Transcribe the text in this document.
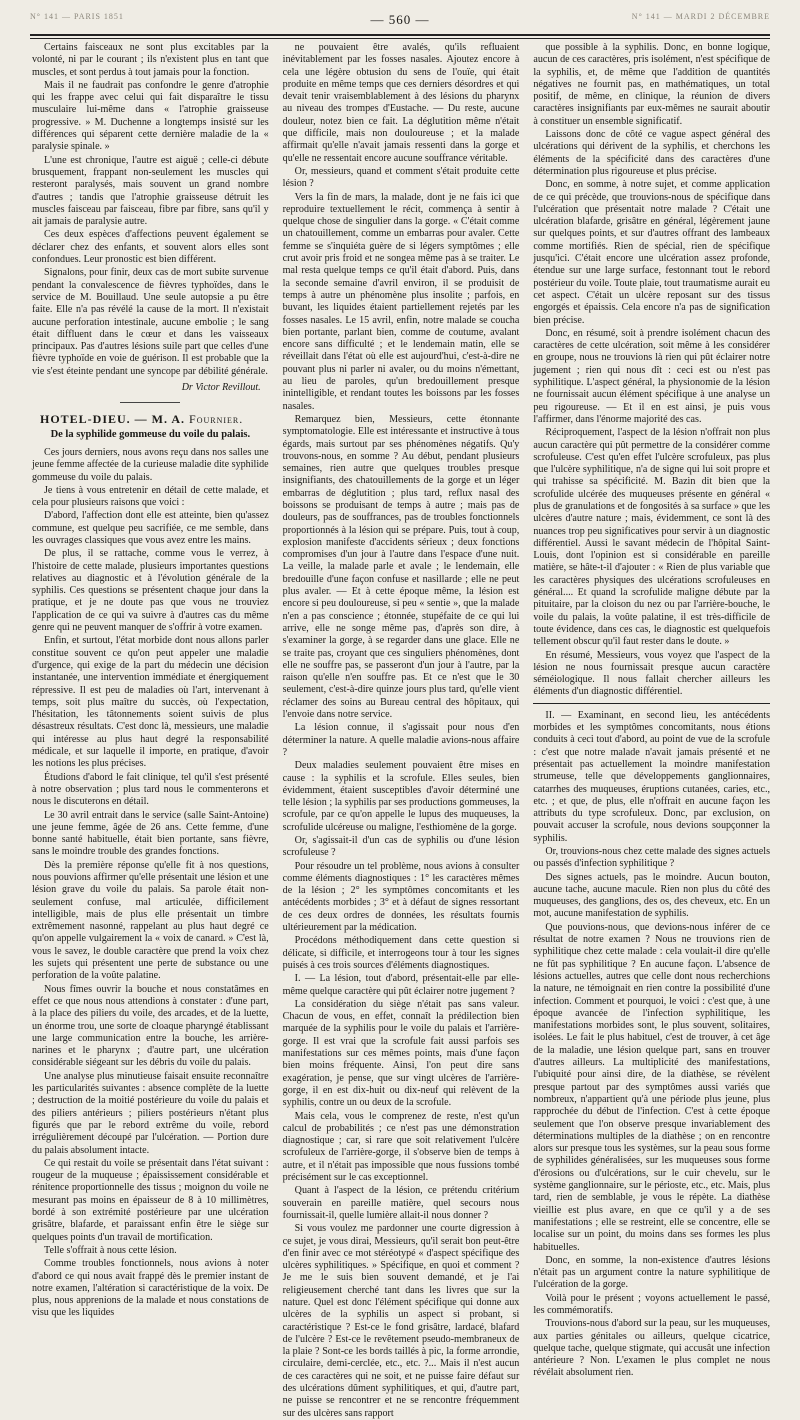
N° 141 — PARIS 1851	— 560 —	N° 141 — MARDI 2 DÉCEMBRE

Certains faisceaux ne sont plus excitables par la volonté, ni par le courant ; ils n'existent plus en tant que muscles, et sont perdus à tout jamais pour la fonction.

Mais il ne faudrait pas confondre le genre d'atrophie qui les frappe avec celui qui fait disparaître le tissu musculaire lui-même dans « l'atrophie graisseuse progressive. » M. Duchenne a longtemps insisté sur les différences qui séparent cette dernière maladie de la « paralysie spinale. »

L'une est chronique, l'autre est aiguë ; celle-ci débute brusquement, frappant non-seulement les muscles qui resteront paralysés, mais souvent un grand nombre d'autres ; tandis que l'atrophie graisseuse détruit les muscles faisceau par faisceau, fibre par fibre, sans qu'il y ait jamais de paralysie autre.

Ces deux espèces d'affections peuvent également se déclarer chez des enfants, et souvent alors elles sont confondues. Leur pronostic est bien différent.

Signalons, pour finir, deux cas de mort subite survenue pendant la convalescence de fièvres typhoïdes, dans le service de M. Bouillaud. Une seule autopsie a pu être faite. Elle n'a pas révélé la cause de la mort. Il n'existait aucune perforation intestinale, aucune embolie ; le sang était diffluent dans le cœur et dans les vaisseaux principaux. Pas d'autres lésions suile part que celles d'une fièvre typhoïde en voie de guérison. Il est probable que la vie s'est éteinte pendant une syncope par débilité générale.

Dr Victor Revillout.
HOTEL-DIEU. — M. A. Fournier.
De la syphilide gommeuse du voile du palais.

Ces jours derniers, nous avons reçu dans nos salles une jeune femme affectée de la curieuse maladie dite syphilide gommeuse du voile du palais.

Je tiens à vous entretenir en détail de cette malade, et cela pour plusieurs raisons que voici :

D'abord, l'affection dont elle est atteinte, bien qu'assez commune, est quelque peu sacrifiée, ce me semble, dans les ouvrages classiques que vous avez entre les mains.

De plus, il se rattache, comme vous le verrez, à l'histoire de cette malade, plusieurs importantes questions relatives au diagnostic et à l'évolution générale de la syphilis. Ces questions se présentent chaque jour dans la pratique, et je ne doute pas que vous ne trouviez l'application de ce qui va suivre à d'autres cas du même genre qui ne peuvent manquer de s'offrir à votre examen.

Enfin, et surtout, l'état morbide dont nous allons parler constitue souvent ce qu'on peut appeler une maladie d'urgence, qui exige de la part du médecin une décision instantanée, une intervention immédiate et énergiquement répressive. Il est peu de maladies où l'art, intervenant à temps, soit plus maître du succès, où l'expectation, l'hésitation, les tâtonnements soient suivis de plus désastreux résultats. C'est donc là, messieurs, une maladie qui intéresse au plus haut degré la responsabilité médicale, et sur laquelle il importe, en pratique, d'avoir les notions les plus précises.

Étudions d'abord le fait clinique, tel qu'il s'est présenté à notre observation ; plus tard nous le commenterons et nous le discuterons en détail.

Le 30 avril entrait dans le service (salle Saint-Antoine) une jeune femme, âgée de 26 ans. Cette femme, d'une bonne santé habituelle, était bien portante, sans fièvre, sans le moindre trouble des grandes fonctions.

Dès la première réponse qu'elle fit à nos questions, nous pouvions affirmer qu'elle présentait une lésion et une lésion grave du voile du palais. Sa parole était non-seulement confuse, mal articulée, difficilement intelligible, mais de plus elle présentait un timbre extrêmement nasonné, rappelant au plus haut degré ce qu'on appelle vulgairement la « voix de canard. » C'est là, vous le savez, le double caractère que prend la voix chez les sujets qui présentent une perte de substance ou une perforation de la voûte palatine.

Nous fîmes ouvrir la bouche et nous constatâmes en effet ce que nous nous attendions à constater : d'une part, à la place des piliers du voile, des arcades, et de la luette, un énorme trou, une sorte de cloaque pharyngé établissant une large communication entre la bouche, les arrière-narines et le pharynx ; d'autre part, une ulcération considérable siégeant sur les débris du voile du palais.

Une analyse plus minutieuse faisait ensuite reconnaître les particularités suivantes : absence complète de la luette ; destruction de la moitié postérieure du voile du palais et des piliers antérieurs ; piliers postérieurs n'étant plus figurés que par le rebord extrême du voile, rebord irrégulièrement découpé par l'ulcération. — Portion dure du palais absolument intacte.

Ce qui restait du voile se présentait dans l'état suivant : rougeur de la muqueuse ; épaississement considérable et rénitence proportionnelle des tissus ; moignon du voile ne mesurant pas moins en épaisseur de 8 à 10 millimètres, bordé à son extrémité postérieure par une ulcération grisâtre, blafarde, et paraissant enfin être le siège sur quelques points d'un travail de mortification.

Telle s'offrait à nous cette lésion.

Comme troubles fonctionnels, nous avions à noter d'abord ce qui nous avait frappé dès le premier instant de notre examen, l'altération si caractéristique de la voix. De plus, nous apprenions de la malade et nous constations de visu que les liquides

ne pouvaient être avalés, qu'ils refluaient inévitablement par les fosses nasales. Ajoutez encore à cela une légère obtusion du sens de l'ouïe, qui était produite en même temps que ces derniers désordres et qui devait tenir vraisemblablement à des lésions du pharynx au niveau des trompes d'Eustache. — Du reste, aucune douleur, notez bien ce fait. La déglutition même n'était que difficile, mais non douloureuse ; et la malade affirmait qu'elle n'avait jamais ressenti dans la gorge et qu'elle ne ressentait encore aucune souffrance véritable.

Or, messieurs, quand et comment s'était produite cette lésion ?

Vers la fin de mars, la malade, dont je ne fais ici que reproduire textuellement le récit, commença à sentir à quelque chose de singulier dans la gorge. « C'était comme un chatouillement, comme un embarras pour avaler. Cette femme se s'inquiéta guère de si légers symptômes ; elle crut avoir pris froid et ne songea même pas à se traiter. Le mal resta quelque temps ce qu'il était d'abord. Puis, dans la seconde semaine d'avril environ, il se produisit de temps à autre un phénomène plus insolite ; parfois, en buvant, les liquides étaient partiellement rejetés par les fosses nasales. Le 15 avril, enfin, notre malade se coucha bien portante, parlant bien, comme de coutume, avalant encore sans difficulté ; et le lendemain matin, elle se réveillait dans l'état où elle est aujourd'hui, c'est-à-dire ne pouvant plus ni parler ni avaler, ou du moins n'émettant, au lieu de paroles, qu'un bredouillement presque inintelligible, et rendant toutes les boissons par les fosses nasales.

Remarquez bien, Messieurs, cette étonnante symptomatologie. Elle est intéressante et instructive à tous égards, mais surtout par ses phénomènes négatifs. Qu'y trouvons-nous, en somme ? Au début, pendant plusieurs semaines, rien autre que quelques troubles presque insignifiants, des chatouillements de la gorge et un léger embarras de déglutition ; plus tard, reflux nasal des boissons se produisant de temps à autre ; mais pas de douleurs, pas de souffrances, pas de troubles fonctionnels proportionnés à la lésion qui se prépare. Puis, tout à coup, explosion manifeste d'accidents sérieux ; deux fonctions compromises d'un jour à l'autre dans l'espace d'une nuit. La veille, la malade parle et avale ; le lendemain, elle bredouille d'une façon confuse et nasillarde ; elle ne peut plus avaler. — Et à cette époque même, la lésion est encore si peu douloureuse, si peu « sentie », que la malade n'en a pas conscience ; étonnée, stupéfaite de ce qui lui arrive, elle ne songe même pas, d'après son dire, à s'examiner la gorge, à se regarder dans une glace. Elle ne se traite pas, croyant que ces singuliers phénomènes, dont elle ne souffre pas, se passeront d'un jour à l'autre, par la raison qu'elle n'en souffre pas. Et ce n'est que le 30 seulement, c'est-à-dire quinze jours plus tard, qu'elle vient réclamer des soins au Bureau central des hôpitaux, qui l'envoie dans notre service.

La lésion connue, il s'agissait pour nous d'en déterminer la nature. A quelle maladie avions-nous affaire ?

Deux maladies seulement pouvaient être mises en cause : la syphilis et la scrofule. Elles seules, bien évidemment, étaient susceptibles d'avoir déterminé une telle lésion ; la syphilis par ses productions gommeuses, la scrofule, par ce qu'on appelle le lupus des muqueuses, la scrofulide ulcéreuse ou maligne, l'esthiomène de la gorge.

Or, s'agissait-il d'un cas de syphilis ou d'une lésion scrofuleuse ?

Pour résoudre un tel problème, nous avions à consulter comme éléments diagnostiques : 1° les caractères mêmes de la lésion ; 2° les symptômes concomitants et les antécédents morbides ; 3° et à défaut de signes ressortant de ces deux ordres de données, les résultats fournis ultérieurement par la médication.

Procédons méthodiquement dans cette question si délicate, si difficile, et interrogeons tour à tour les signes puisés à ces trois sources d'éléments diagnostiques.

I. — La lésion, tout d'abord, présentait-elle par elle-même quelque caractère qui pût éclairer notre jugement ?

La considération du siège n'était pas sans valeur. Chacun de vous, en effet, connaît la prédilection bien marquée de la syphilis pour le voile du palais et l'arrière-gorge. Il est vrai que la scrofule fait aussi parfois ses manifestations sur ces mêmes points, mais d'une façon bien moins fréquente. Ainsi, l'on peut dire sans exagération, je pense, que sur vingt ulcères de l'arrière-gorge, il en est dix-huit ou dix-neuf qui relèvent de la syphilis, contre un ou deux de la scrofule.

Mais cela, vous le comprenez de reste, n'est qu'un calcul de probabilités ; ce n'est pas une démonstration diagnostique ; car, si rare que soit relativement l'ulcère scrofuleux de l'arrière-gorge, il s'observe bien de temps à autre, et il n'était pas impossible que nous fussions tombé précisément sur le cas exceptionnel.

Quant à l'aspect de la lésion, ce prétendu critérium souverain en pareille matière, quel secours nous fournissait-il, quelle lumière allait-il nous donner ?

Si vous voulez me pardonner une courte digression à ce sujet, je vous dirai, Messieurs, qu'il serait bon peut-être d'en finir avec ce mot stéréotypé « d'aspect spécifique des ulcères syphilitiques. » Spécifique, en quoi et comment ? Je me le suis bien souvent demandé, et je l'ai religieusement cherché tant dans les livres que sur la nature. Quel est donc l'élément spécifique qui donne aux ulcères de la syphilis un aspect si probant, si caractéristique ? Est-ce le fond grisâtre, lardacé, blafard de l'ulcère ? Est-ce le revêtement pseudo-membraneux de la plaie ? Sont-ce les bords taillés à pic, la forme arrondie, circulaire, demi-cerclée, etc., etc. ?... Mais il n'est aucun de ces caractères qui ne soit, et ne puisse faire défaut sur des ulcérations dûment syphilitiques, et qui, d'autre part, ne puisse se rencontrer et ne se rencontre fréquemment sur des ulcères sans rapport

que possible à la syphilis. Donc, en bonne logique, aucun de ces caractères, pris isolément, n'est spécifique de la syphilis, et, de même que l'addition de quantités négatives ne fournit pas, en mathématiques, un total positif, de même, en clinique, la réunion de divers caractères insignifiants par eux-mêmes ne saurait aboutir à constituer un ensemble significatif.

Laissons donc de côté ce vague aspect général des ulcérations qui dérivent de la syphilis, et cherchons les éléments de la spécificité dans des caractères d'une détermination plus rigoureuse et plus précise.

Donc, en somme, à notre sujet, et comme application de ce qui précède, que trouvions-nous de spécifique dans l'ulcération que présentait notre malade ? C'était une ulcération blafarde, grisâtre en général, légèrement jaune sur quelques points, et sur d'autres offrant des lambeaux comme mortifiés. Rien de spécial, rien de spécifique jusqu'ici. C'était encore une ulcération assez profonde, étendue sur une large surface, festonnant tout le rebord postérieur du voile. Toute plaie, tout traumatisme aurait eu cet aspect. C'était un ulcère reposant sur des tissus engorgés et épaissis. Cela encore n'a pas de signification bien précise.

Donc, en résumé, soit à prendre isolément chacun des caractères de cette ulcération, soit même à les considérer en groupe, nous ne trouvions là rien qui pût éclairer notre jugement ; rien qui nous dît : ceci est ou n'est pas syphilitique. L'aspect général, la physionomie de la lésion ne fournissait aucun élément spécifique à une analyse un peu rigoureuse. — Et il en est ainsi, je puis vous l'affirmer, dans l'énorme majorité des cas.

Réciproquement, l'aspect de la lésion n'offrait non plus aucun caractère qui pût permettre de la considérer comme scrofuleuse. C'est qu'en effet l'ulcère scrofuleux, pas plus que l'ulcère syphilitique, n'a de signe qui lui soit propre et qui trahisse sa spécificité. M. Bazin dit bien que la scrofulide ulcérée des muqueuses présente en général « plus de granulations et de fongosités à sa surface » que les ulcères d'autre nature ; mais, évidemment, ce sont là des nuances trop peu significatives pour servir à un diagnostic différentiel. Aussi le savant médecin de l'hôpital Saint-Louis, dont l'opinion est si considérable en pareille matière, se hâte-t-il d'ajouter : « Rien de plus variable que les caractères physiques des ulcérations scrofuleuses en général.... Et quand la scrofulide maligne débute par la pituitaire, par la cloison du nez ou par l'arrière-bouche, le voile du palais, la voûte palatine, il est très-difficile de toute évidence, dans ces cas, le diagnostic est quelquefois tellement obscur qu'il faut rester dans le doute. »

En résumé, Messieurs, vous voyez que l'aspect de la lésion ne nous fournissait presque aucun caractère séméiologique. Il nous fallait chercher ailleurs les éléments d'un diagnostic différentiel.

II. — Examinant, en second lieu, les antécédents morbides et les symptômes concomitants, nous étions conduits à ceci tout d'abord, au point de vue de la scrofule : c'est que notre malade n'avait jamais présenté et ne présentait pas actuellement la moindre manifestation strumeuse, telle que développements ganglionnaires, catarrhes des muqueuses, éruptions cutanées, caries, etc., etc. ; et que, de plus, elle n'offrait en aucune façon les attributs du type scrofuleux. Donc, par exclusion, on pouvait accuser la scrofule, nous devions soupçonner la syphilis.

Or, trouvions-nous chez cette malade des signes actuels ou passés d'infection syphilitique ?

Des signes actuels, pas le moindre. Aucun bouton, aucune tache, aucune macule. Rien non plus du côté des muqueuses, des ganglions, des os, des cheveux, etc. En un mot, aucune manifestation de syphilis.

Que pouvions-nous, que devions-nous inférer de ce résultat de notre examen ? Nous ne trouvions rien de syphilitique chez cette malade : cela voulait-il dire qu'elle ne fût pas syphilitique ? En aucune façon. L'absence de lésions actuelles, autres que celle dont nous recherchions la nature, ne témoignait en rien contre la possibilité d'une infection. Comment et pourquoi, le voici : c'est que, à une époque avancée de l'infection syphilitique, les manifestations morbides sont, le plus souvent, solitaires, isolées. Le fait le plus habituel, c'est de trouver, à cet âge de la maladie, une lésion quelque part, sans en trouver d'autres ailleurs. La multiplicité des manifestations, l'ubiquité pour ainsi dire, de la diathèse, se révèlent presque partout par des symptômes aussi variés que nombreux, n'appartient qu'à une période plus jeune, plus rapprochée du début de l'infection. C'est à cette époque seulement que l'on observe presque invariablement des déterminations multiples de la diathèse ; on en rencontre alors sur presque tous les systèmes, sur la peau sous forme de syphilides généralisées, sur les muqueuses sous forme d'érosions ou d'ulcérations, sur le cuir chevelu, sur le système ganglionnaire, sur le périoste, etc., etc. Mais, plus tard, rien de semblable, je vous le répète. La diathèse vieillie est plus avare, en que ce qu'il y a de ses manifestations ; elle se restreint, elle se concentre, elle se localise sur un point, du moins dans ses formes les plus habituelles.

Donc, en somme, la non-existence d'autres lésions n'était pas un argument contre la nature syphilitique de l'ulcération de la gorge.

Voilà pour le présent ; voyons actuellement le passé, les commémoratifs.

Trouvions-nous d'abord sur la peau, sur les muqueuses, aux parties génitales ou ailleurs, quelque cicatrice, quelque tache, quelque stigmate, qui accusât une infection antérieure ? Non. L'examen le plus complet ne nous révélait absolument rien.
